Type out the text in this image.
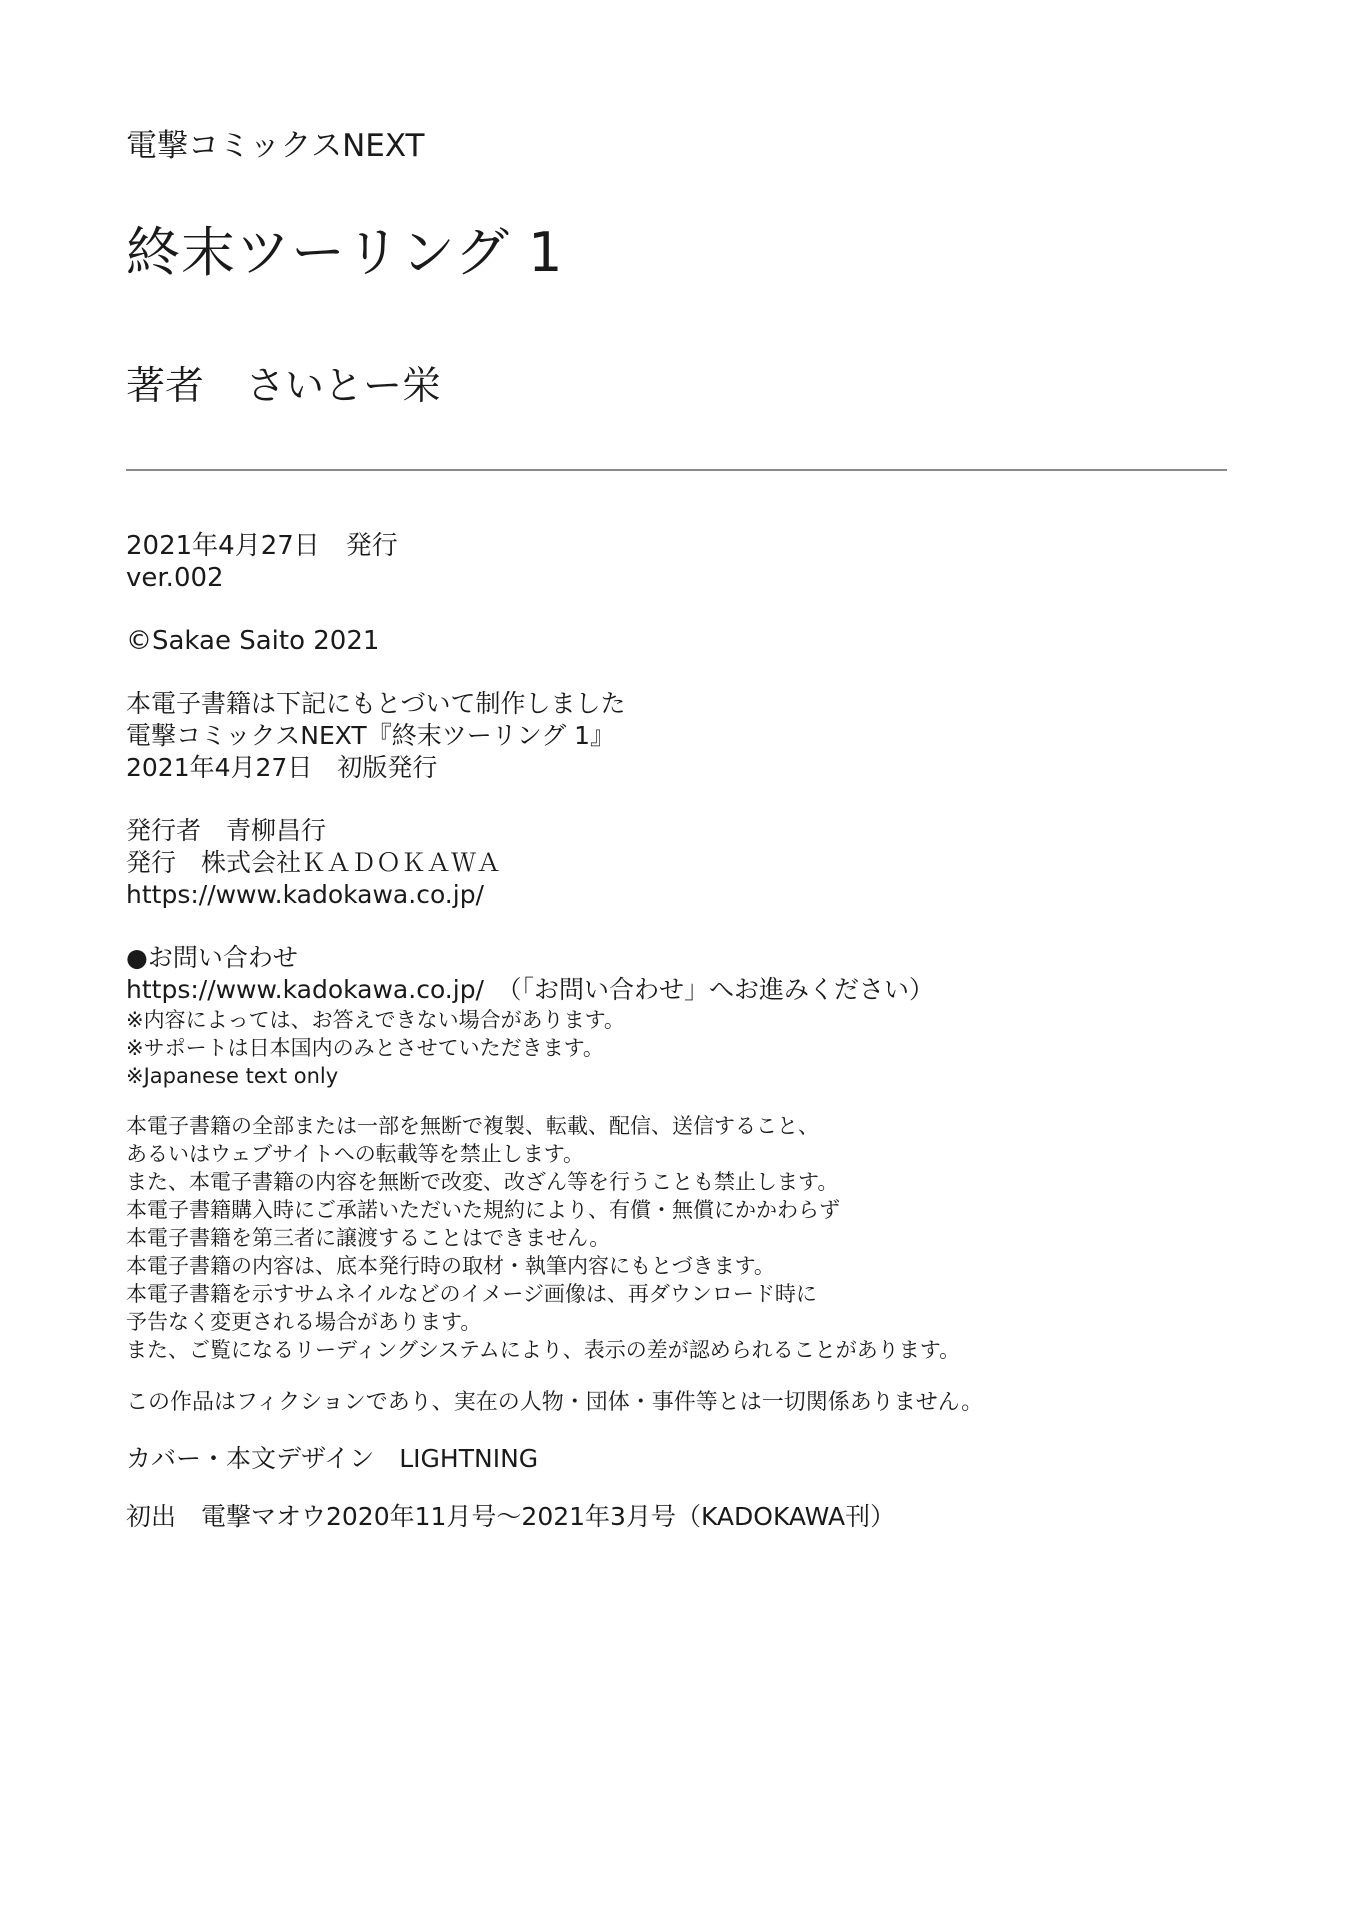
電撃コミックスNEXT
終末ツーリング 1
著者 さいとー栄
2021年4月27日　発行
ver.002
©Sakae Saito 2021
本電子書籍は下記にもとづいて制作しました
電撃コミックスNEXT『終末ツーリング 1』
2021年4月27日　初版発行
発行者　青柳昌行
発行　株式会社ＫＡＤＯＫＡＷＡ
https://www.kadokawa.co.jp/
●お問い合わせ
https://www.kadokawa.co.jp/　（「お問い合わせ」へお進みください）
※内容によっては、お答えできない場合があります。
※サポートは日本国内のみとさせていただきます。
※Japanese text only
本電子書籍の全部または一部を無断で複製、転載、配信、送信すること、
あるいはウェブサイトへの転載等を禁止します。
また、本電子書籍の内容を無断で改変、改ざん等を行うことも禁止します。
本電子書籍購入時にご承諾いただいた規約により、有償・無償にかかわらず
本電子書籍を第三者に譲渡することはできません。
本電子書籍の内容は、底本発行時の取材・執筆内容にもとづきます。
本電子書籍を示すサムネイルなどのイメージ画像は、再ダウンロード時に
予告なく変更される場合があります。
また、ご覧になるリーディングシステムにより、表示の差が認められることがあります。
この作品はフィクションであり、実在の人物・団体・事件等とは一切関係ありません。
カバー・本文デザイン　LIGHTNING
初出　電撃マオウ2020年11月号～2021年3月号（KADOKAWA刊）
